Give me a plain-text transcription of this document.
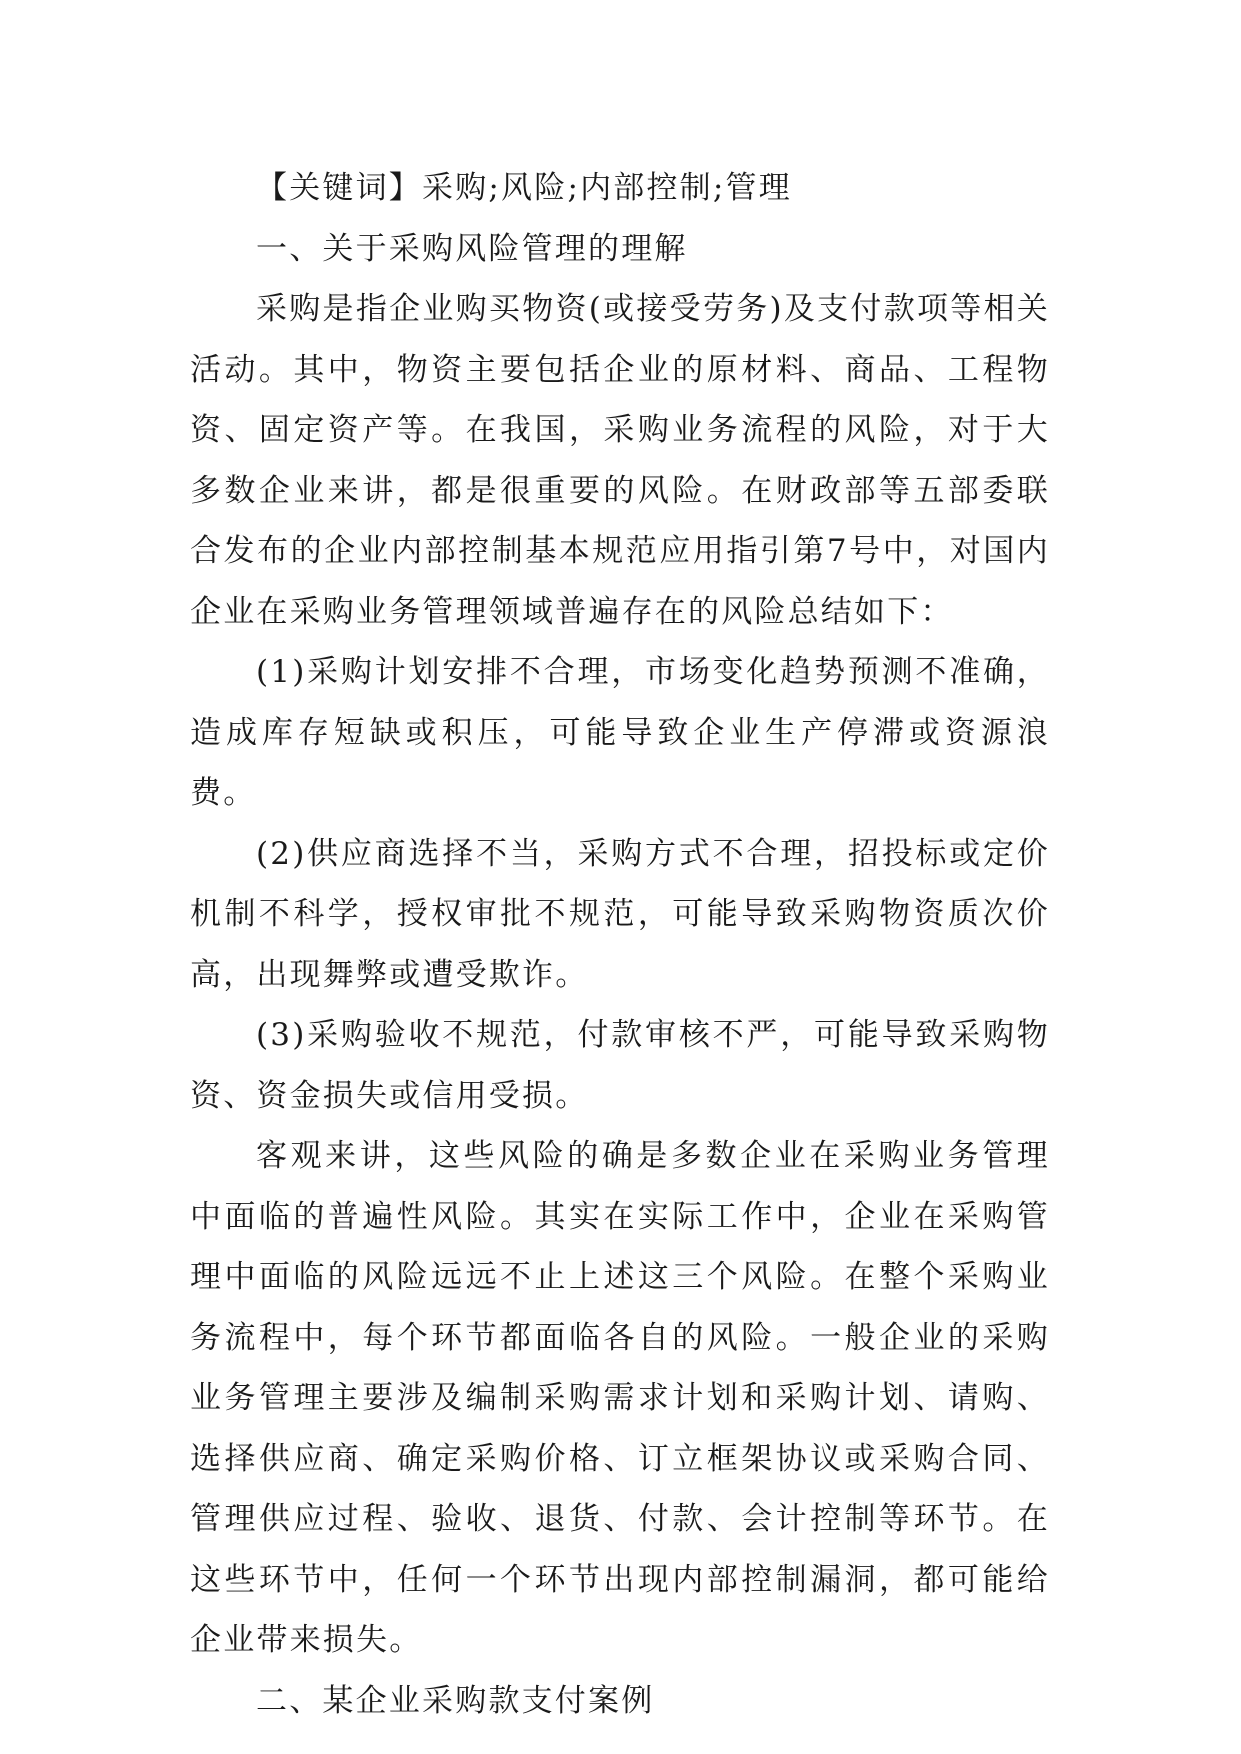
【关键词】采购;风险;内部控制;管理

一、关于采购风险管理的理解

采购是指企业购买物资(或接受劳务)及支付款项等相关活动。其中，物资主要包括企业的原材料、商品、工程物资、固定资产等。在我国，采购业务流程的风险，对于大多数企业来讲，都是很重要的风险。在财政部等五部委联合发布的企业内部控制基本规范应用指引第7号中，对国内企业在采购业务管理领域普遍存在的风险总结如下：

(1)采购计划安排不合理，市场变化趋势预测不准确，造成库存短缺或积压，可能导致企业生产停滞或资源浪费。

(2)供应商选择不当，采购方式不合理，招投标或定价机制不科学，授权审批不规范，可能导致采购物资质次价高，出现舞弊或遭受欺诈。

(3)采购验收不规范，付款审核不严，可能导致采购物资、资金损失或信用受损。

客观来讲，这些风险的确是多数企业在采购业务管理中面临的普遍性风险。其实在实际工作中，企业在采购管理中面临的风险远远不止上述这三个风险。在整个采购业务流程中，每个环节都面临各自的风险。一般企业的采购业务管理主要涉及编制采购需求计划和采购计划、请购、选择供应商、确定采购价格、订立框架协议或采购合同、管理供应过程、验收、退货、付款、会计控制等环节。在这些环节中，任何一个环节出现内部控制漏洞，都可能给企业带来损失。

二、某企业采购款支付案例
